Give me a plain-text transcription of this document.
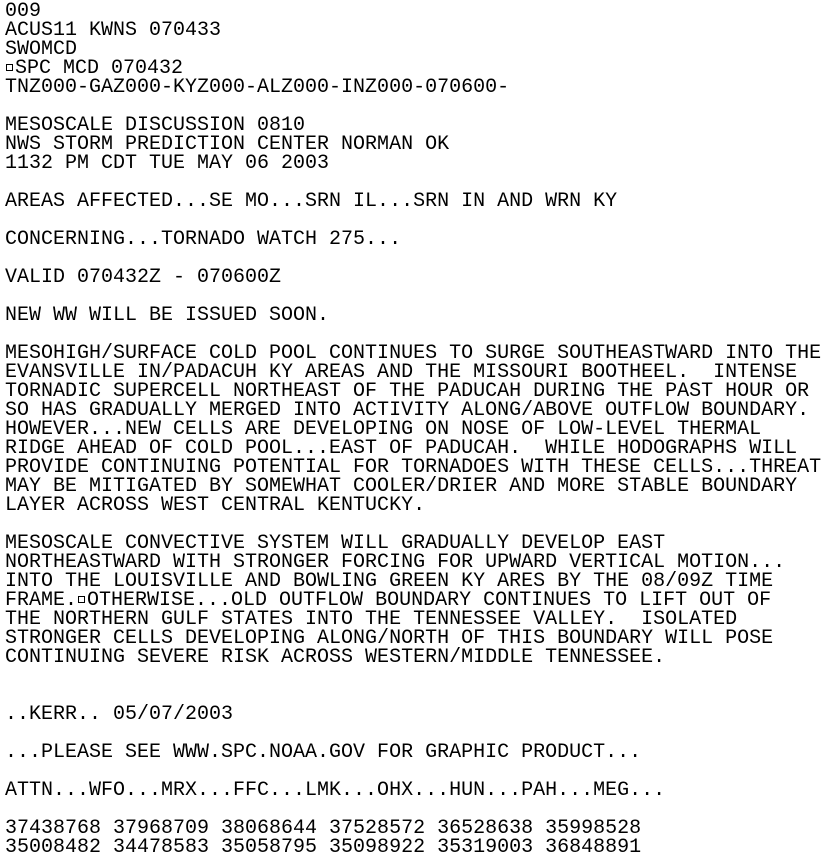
009
ACUS11 KWNS 070433
SWOMCD
SPC MCD 070432
TNZ000-GAZ000-KYZ000-ALZ000-INZ000-070600-

MESOSCALE DISCUSSION 0810
NWS STORM PREDICTION CENTER NORMAN OK
1132 PM CDT TUE MAY 06 2003

AREAS AFFECTED...SE MO...SRN IL...SRN IN AND WRN KY

CONCERNING...TORNADO WATCH 275...

VALID 070432Z - 070600Z

NEW WW WILL BE ISSUED SOON.

MESOHIGH/SURFACE COLD POOL CONTINUES TO SURGE SOUTHEASTWARD INTO THE
EVANSVILLE IN/PADACUH KY AREAS AND THE MISSOURI BOOTHEEL.  INTENSE
TORNADIC SUPERCELL NORTHEAST OF THE PADUCAH DURING THE PAST HOUR OR
SO HAS GRADUALLY MERGED INTO ACTIVITY ALONG/ABOVE OUTFLOW BOUNDARY.
HOWEVER...NEW CELLS ARE DEVELOPING ON NOSE OF LOW-LEVEL THERMAL
RIDGE AHEAD OF COLD POOL...EAST OF PADUCAH.  WHILE HODOGRAPHS WILL
PROVIDE CONTINUING POTENTIAL FOR TORNADOES WITH THESE CELLS...THREAT
MAY BE MITIGATED BY SOMEWHAT COOLER/DRIER AND MORE STABLE BOUNDARY
LAYER ACROSS WEST CENTRAL KENTUCKY.

MESOSCALE CONVECTIVE SYSTEM WILL GRADUALLY DEVELOP EAST
NORTHEASTWARD WITH STRONGER FORCING FOR UPWARD VERTICAL MOTION...
INTO THE LOUISVILLE AND BOWLING GREEN KY ARES BY THE 08/09Z TIME
FRAME. OTHERWISE...OLD OUTFLOW BOUNDARY CONTINUES TO LIFT OUT OF
THE NORTHERN GULF STATES INTO THE TENNESSEE VALLEY.  ISOLATED
STRONGER CELLS DEVELOPING ALONG/NORTH OF THIS BOUNDARY WILL POSE
CONTINUING SEVERE RISK ACROSS WESTERN/MIDDLE TENNESSEE.

..KERR.. 05/07/2003

...PLEASE SEE WWW.SPC.NOAA.GOV FOR GRAPHIC PRODUCT...

ATTN...WFO...MRX...FFC...LMK...OHX...HUN...PAH...MEG...

37438768 37968709 38068644 37528572 36528638 35998528
35008482 34478583 35058795 35098922 35319003 36848891
